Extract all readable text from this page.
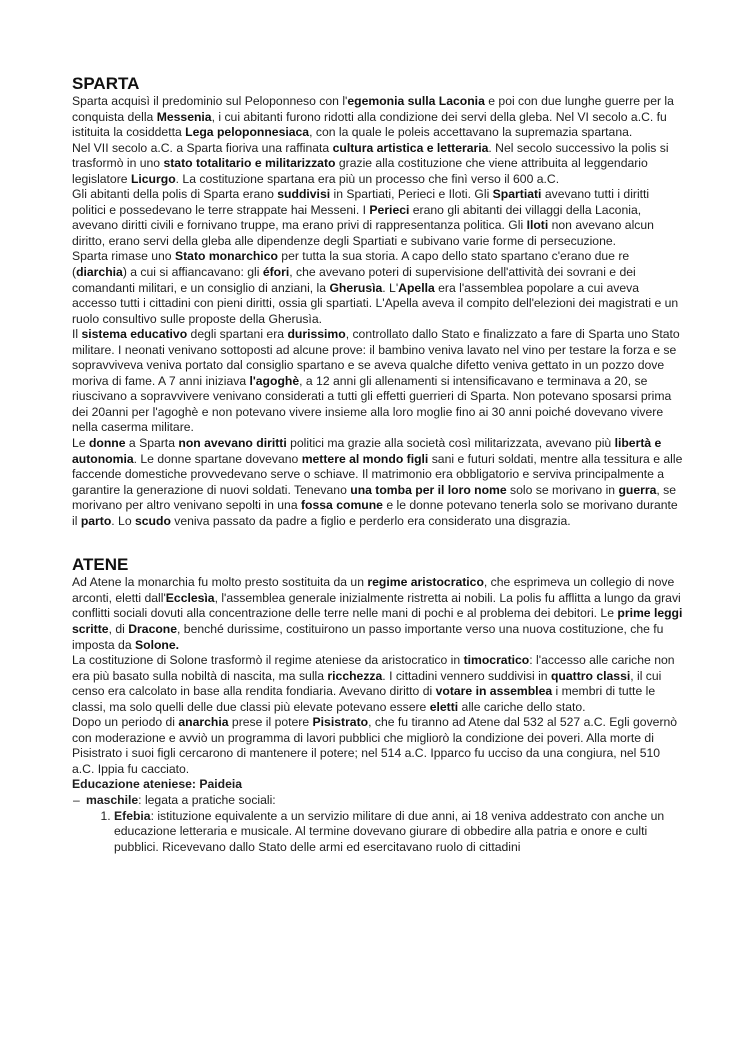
SPARTA

Sparta acquisì il predominio sul Peloponneso con l'egemonia sulla Laconia e poi con due lunghe guerre per la conquista della Messenia, i cui abitanti furono ridotti alla condizione dei servi della gleba. Nel VI secolo a.C. fu istituita la cosiddetta Lega peloponnesiaca, con la quale le poleis accettavano la supremazia spartana.

Nel VII secolo a.C. a Sparta fioriva una raffinata cultura artistica e letteraria. Nel secolo successivo la polis si trasformò in uno stato totalitario e militarizzato grazie alla costituzione che viene attribuita al leggendario legislatore Licurgo. La costituzione spartana era più un processo che finì verso il 600 a.C.

Gli abitanti della polis di Sparta erano suddivisi in Spartiati, Perieci e Iloti. Gli Spartiati avevano tutti i diritti politici e possedevano le terre strappate hai Messeni. I Perieci erano gli abitanti dei villaggi della Laconia, avevano diritti civili e fornivano truppe, ma erano privi di rappresentanza politica. Gli Iloti non avevano alcun diritto, erano servi della gleba alle dipendenze degli Spartiati e subivano varie forme di persecuzione.

Sparta rimase uno Stato monarchico per tutta la sua storia. A capo dello stato spartano c'erano due re (diarchia) a cui si affiancavano: gli éfori, che avevano poteri di supervisione dell'attività dei sovrani e dei comandanti militari, e un consiglio di anziani, la Gherusìa. L'Apella era l'assemblea popolare a cui aveva accesso tutti i cittadini con pieni diritti, ossia gli spartiati. L'Apella aveva il compito dell'elezioni dei magistrati e un ruolo consultivo sulle proposte della Gherusìa.

Il sistema educativo degli spartani era durissimo, controllato dallo Stato e finalizzato a fare di Sparta uno Stato militare. I neonati venivano sottoposti ad alcune prove: il bambino veniva lavato nel vino per testare la forza e se sopravviveva veniva portato dal consiglio spartano e se aveva qualche difetto veniva gettato in un pozzo dove moriva di fame. A 7 anni iniziava l'agoghè, a 12 anni gli allenamenti si intensificavano e terminava a 20, se riuscivano a sopravvivere venivano considerati a tutti gli effetti guerrieri di Sparta. Non potevano sposarsi prima dei 20anni per l'agoghè e non potevano vivere insieme alla loro moglie fino ai 30 anni poiché dovevano vivere nella caserma militare.

Le donne a Sparta non avevano diritti politici ma grazie alla società così militarizzata, avevano più libertà e autonomia. Le donne spartane dovevano mettere al mondo figli sani e futuri soldati, mentre alla tessitura e alle faccende domestiche provvedevano serve o schiave. Il matrimonio era obbligatorio e serviva principalmente a garantire la generazione di nuovi soldati. Tenevano una tomba per il loro nome solo se morivano in guerra, se morivano per altro venivano sepolti in una fossa comune e le donne potevano tenerla solo se morivano durante il parto. Lo scudo veniva passato da padre a figlio e perderlo era considerato una disgrazia.

ATENE

Ad Atene la monarchia fu molto presto sostituita da un regime aristocratico, che esprimeva un collegio di nove arconti, eletti dall'Ecclesìa, l'assemblea generale inizialmente ristretta ai nobili. La polis fu afflitta a lungo da gravi conflitti sociali dovuti alla concentrazione delle terre nelle mani di pochi e al problema dei debitori. Le prime leggi scritte, di Dracone, benché durissime, costituirono un passo importante verso una nuova costituzione, che fu imposta da Solone.

La costituzione di Solone trasformò il regime ateniese da aristocratico in timocratico: l'accesso alle cariche non era più basato sulla nobiltà di nascita, ma sulla ricchezza. I cittadini vennero suddivisi in quattro classi, il cui censo era calcolato in base alla rendita fondiaria. Avevano diritto di votare in assemblea i membri di tutte le classi, ma solo quelli delle due classi più elevate potevano essere eletti alle cariche dello stato.

Dopo un periodo di anarchia prese il potere Pisistrato, che fu tiranno ad Atene dal 532 al 527 a.C. Egli governò con moderazione e avviò un programma di lavori pubblici che migliorò la condizione dei poveri. Alla morte di Pisistrato i suoi figli cercarono di mantenere il potere; nel 514 a.C. Ipparco fu ucciso da una congiura, nel 510 a.C. Ippia fu cacciato.

Educazione ateniese: Paideia

– maschile: legata a pratiche sociali:
1. Efebia: istituzione equivalente a un servizio militare di due anni, ai 18 veniva addestrato con anche un educazione letteraria e musicale. Al termine dovevano giurare di obbedire alla patria e onore e culti pubblici. Ricevevano dallo Stato delle armi ed esercitavano ruolo di cittadini
